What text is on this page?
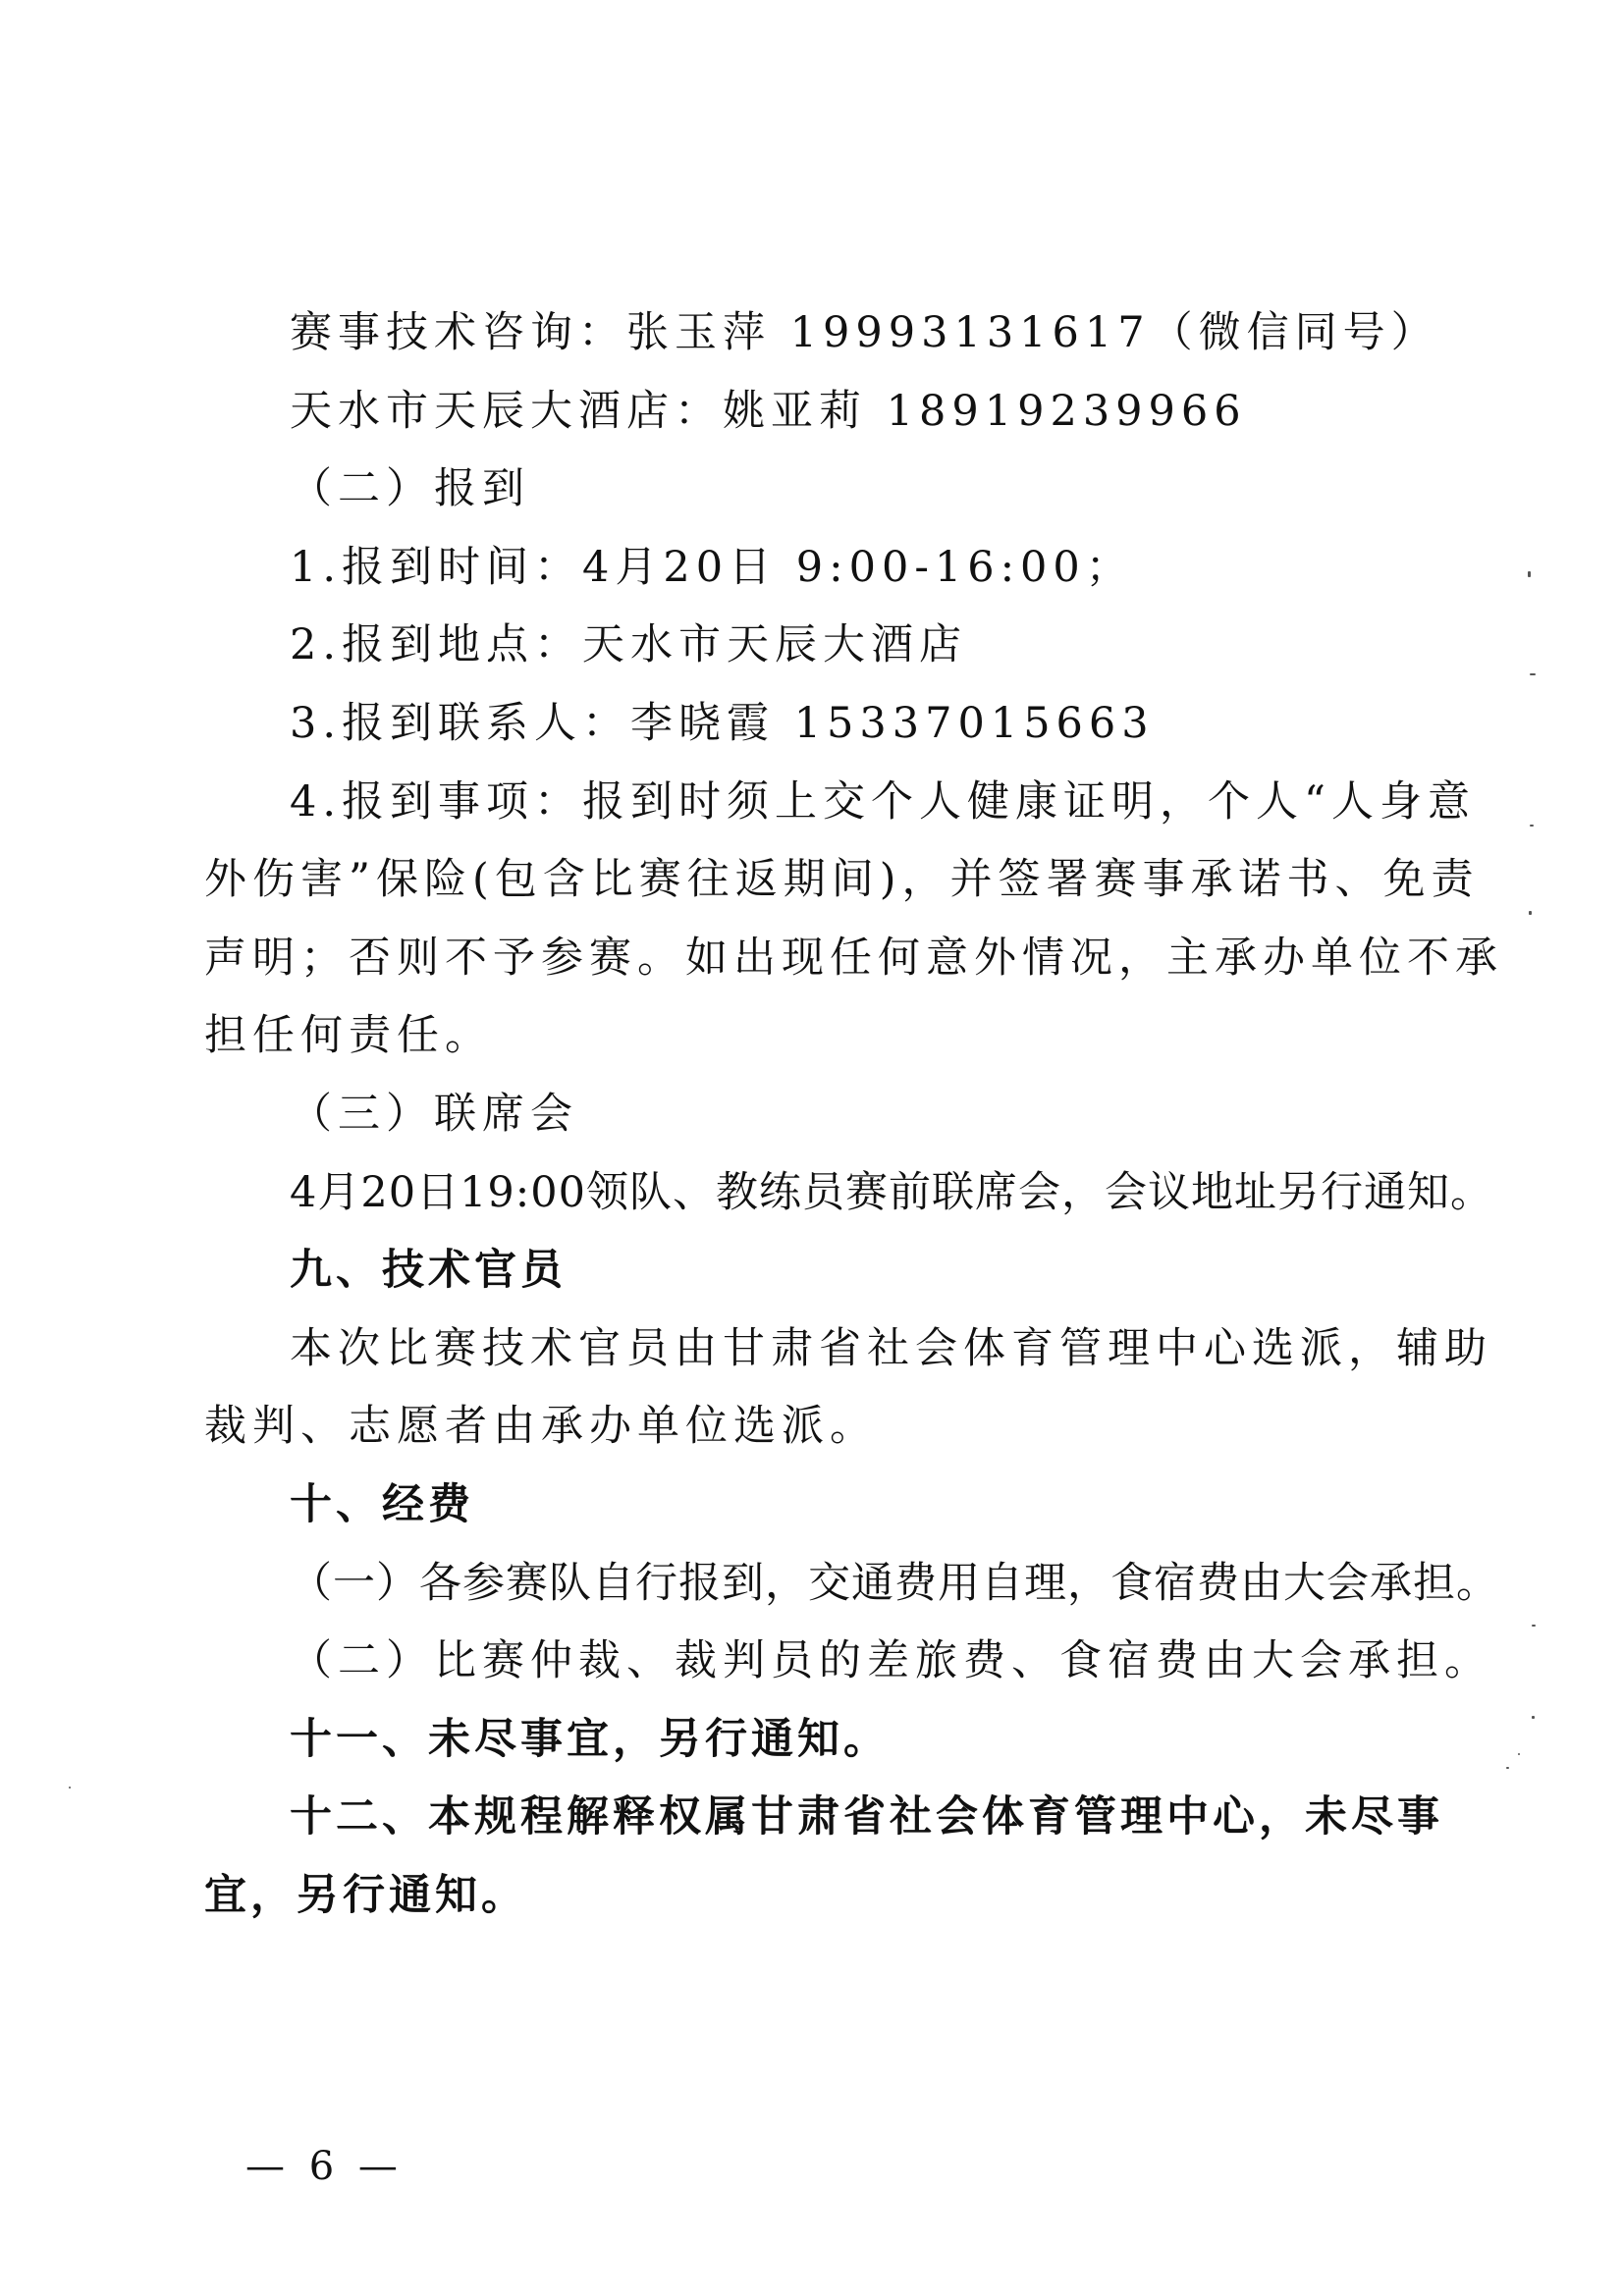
赛事技术咨询：张玉萍 19993131617（微信同号）
天水市天辰大酒店：姚亚莉 18919239966
（二）报到
1.报到时间：4月20日 9:00-16:00；
2.报到地点：天水市天辰大酒店
3.报到联系人：李晓霞 15337015663
4.报到事项：报到时须上交个人健康证明，个人“人身意
外伤害”保险(包含比赛往返期间)，并签署赛事承诺书、免责
声明；否则不予参赛。如出现任何意外情况，主承办单位不承
担任何责任。
（三）联席会
4月20日19:00领队、教练员赛前联席会，会议地址另行通知。
九、技术官员
本次比赛技术官员由甘肃省社会体育管理中心选派，辅助
裁判、志愿者由承办单位选派。
十、经费
（一）各参赛队自行报到，交通费用自理，食宿费由大会承担。
（二）比赛仲裁、裁判员的差旅费、食宿费由大会承担。
十一、未尽事宜，另行通知。
十二、本规程解释权属甘肃省社会体育管理中心，未尽事
宜，另行通知。
— 6 —
